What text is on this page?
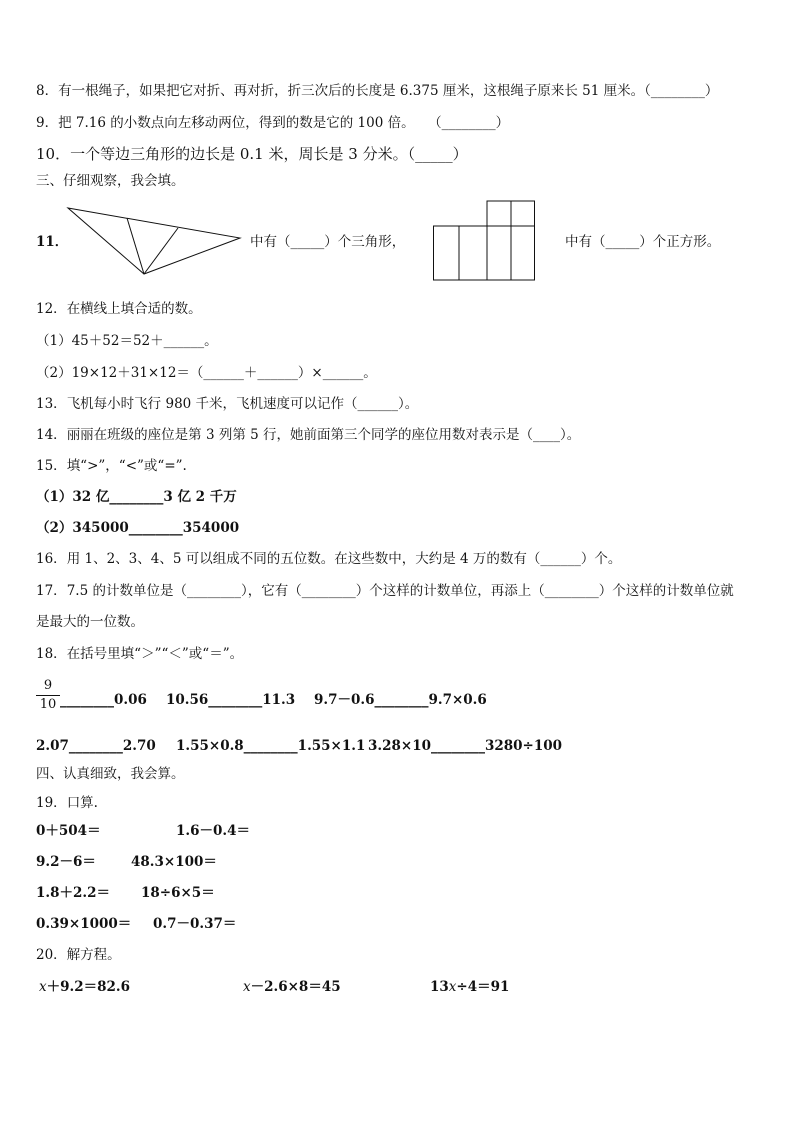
8．有一根绳子，如果把它对折、再对折，折三次后的长度是 6.375 厘米，这根绳子原来长 51 厘米。（________）
9．把 7.16 的小数点向左移动两位，得到的数是它的 100 倍。　　（________）
10．一个等边三角形的边长是 0.1 米，周长是 3 分米。（_____）
三、仔细观察，我会填。
11．	中有（_____）个三角形，	中有（_____）个正方形。
12．在横线上填合适的数。
（1）45＋52＝52＋______。
（2）19×12＋31×12＝（______＋______）×______。
13．飞机每小时飞行 980 千米，飞机速度可以记作（______）。
14．丽丽在班级的座位是第 3 列第 5 行，她前面第三个同学的座位用数对表示是（____）。
15．填“>”，“<”或“=”.
（1）32 亿________3 亿 2 千万
（2）345000________354000
16．用 1、2、3、4、5 可以组成不同的五位数。在这些数中，大约是 4 万的数有（______）个。
17．7.5 的计数单位是（________），它有（________）个这样的计数单位，再添上（________）个这样的计数单位就
是最大的一位数。
18．在括号里填“＞”“＜”或“＝”。
9
10 ________0.06 10.56________11.3 9.7－0.6________9.7×0.6
2.07________2.70 1.55×0.8________1.55×1.1 3.28×10________3280÷100
四、认真细致，我会算。
19．口算.
0＋504＝	1.6－0.4＝
9.2－6＝	48.3×100＝
1.8＋2.2＝ 18÷6×5＝
0.39×1000＝ 0.7－0.37＝
20．解方程。
x＋9.2＝82.6	x－2.6×8＝45	13x÷4＝91
